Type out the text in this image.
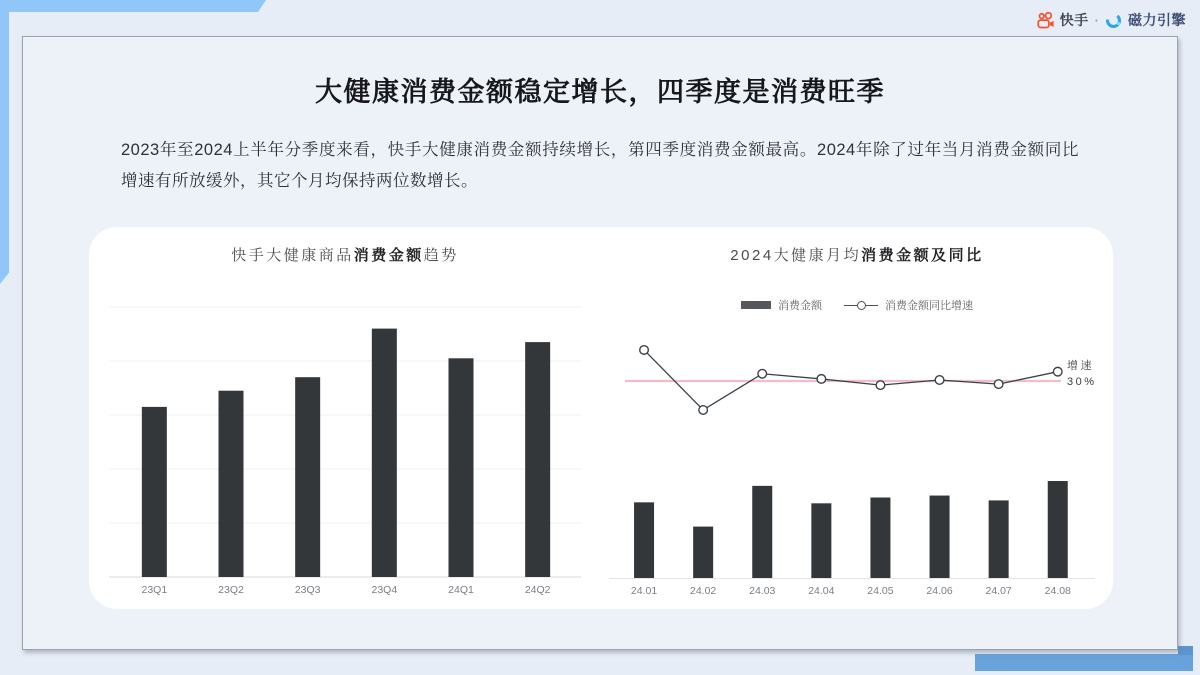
快手 · 磁力引擎
大健康消费金额稳定增长，四季度是消费旺季
2023年至2024上半年分季度来看，快手大健康消费金额持续增长，第四季度消费金额最高。2024年除了过年当月消费金额同比增速有所放缓外，其它个月均保持两位数增长。
快手大健康商品消费金额趋势
23Q1	23Q2	23Q3	23Q4	24Q1	24Q2
2024大健康月均消费金额及同比
消费金额	消费金额同比增速
24.01	24.02	24.03	24.04	24.05	24.06	24.07	24.08
增速
30%
